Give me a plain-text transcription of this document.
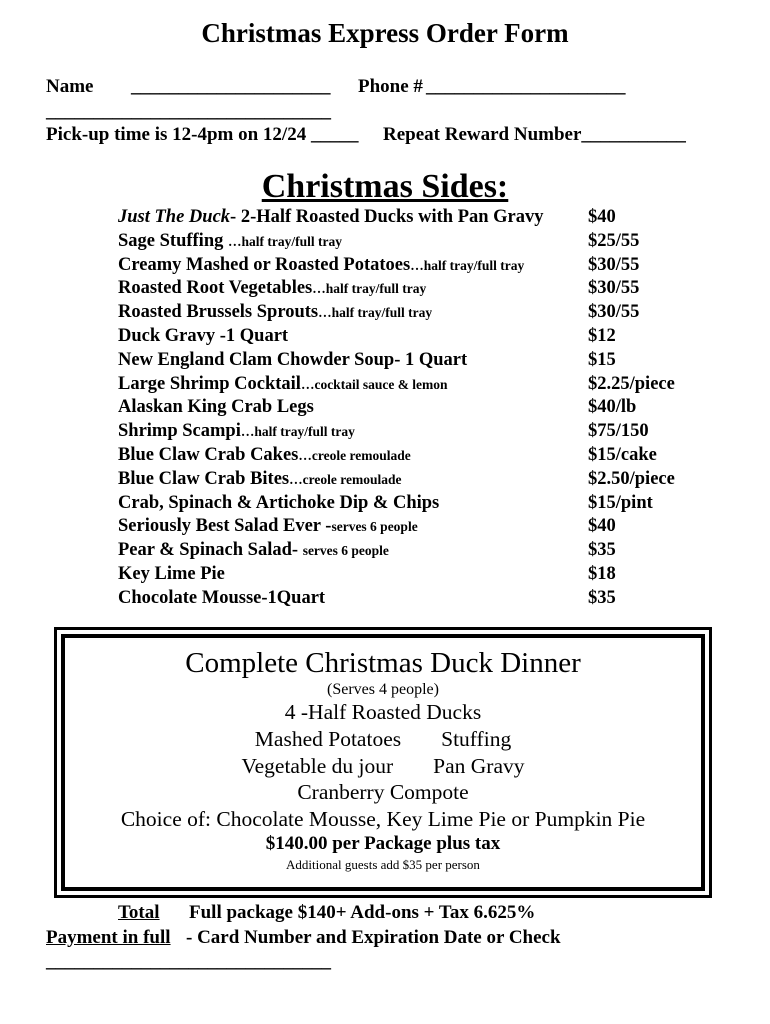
Christmas Express Order Form
Name _____________________ Phone # _____________________
______________________________
Pick-up time is 12-4pm on 12/24 _____ Repeat Reward Number___________
Christmas Sides:
Just The Duck- 2-Half Roasted Ducks with Pan Gravy $40
Sage Stuffing …half tray/full tray	$25/55
Creamy Mashed or Roasted Potatoes…half tray/full tray	$30/55
Roasted Root Vegetables…half tray/full tray	$30/55
Roasted Brussels Sprouts…half tray/full tray	$30/55
Duck Gravy -1 Quart	$12
New England Clam Chowder Soup- 1 Quart	$15
Large Shrimp Cocktail…cocktail sauce & lemon	$2.25/piece
Alaskan King Crab Legs	$40/lb
Shrimp Scampi…half tray/full tray	$75/150
Blue Claw Crab Cakes…creole remoulade	$15/cake
Blue Claw Crab Bites…creole remoulade	$2.50/piece
Crab, Spinach & Artichoke Dip & Chips	$15/pint
Seriously Best Salad Ever -serves 6 people	$40
Pear & Spinach Salad- serves 6 people	$35
Key Lime Pie	$18
Chocolate Mousse-1Quart	$35
Complete Christmas Duck Dinner
(Serves 4 people)
4 -Half Roasted Ducks
Mashed Potatoes Stuffing
Vegetable du jour Pan Gravy
Cranberry Compote
Choice of: Chocolate Mousse, Key Lime Pie or Pumpkin Pie
$140.00 per Package plus tax
Additional guests add $35 per person
Total Full package $140+ Add-ons + Tax 6.625%
Payment in full - Card Number and Expiration Date or Check
______________________________
